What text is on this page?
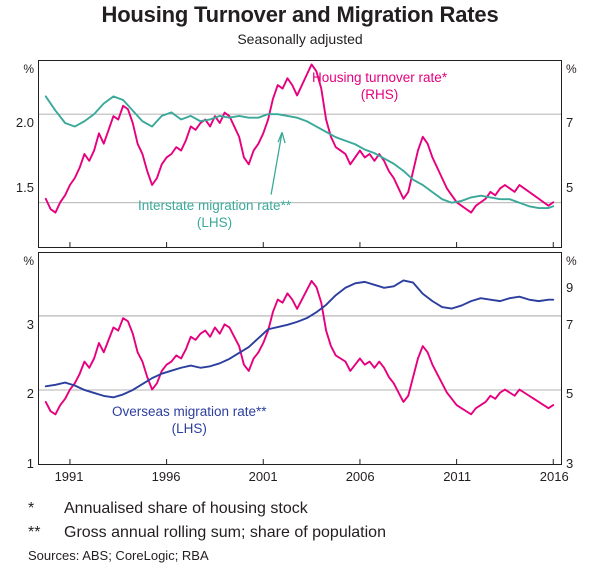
Housing Turnover and Migration Rates
Seasonally adjusted
%	%
2.0
1.5
7
5
Housing turnover rate*
(RHS)
Interstate migration rate**
(LHS)
%	%
3
2
1
9
7
5
3
Overseas migration rate**
(LHS)
1991	1996	2001	2006	2011	2016
*	Annualised share of housing stock
**	Gross annual rolling sum; share of population
Sources: ABS; CoreLogic; RBA
